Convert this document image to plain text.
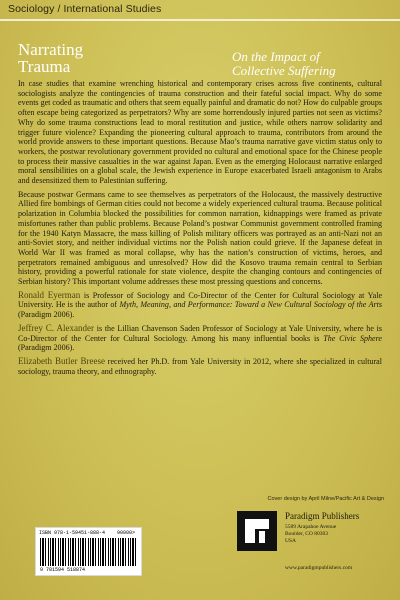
Sociology / International Studies
Narrating
Trauma
On the Impact of
Collective Suffering

In case studies that examine wrenching historical and contemporary crises across five continents, cultural sociologists analyze the contingencies of trauma construction and their fateful social impact. Why do some events get coded as traumatic and others that seem equally painful and dramatic do not? How do culpable groups often escape being categorized as perpetrators? Why are some horrendously injured parties not seen as victims? Why do some trauma constructions lead to moral restitution and justice, while others narrow solidarity and trigger future violence? Expanding the pioneering cultural approach to trauma, contributors from around the world provide answers to these important questions. Because Mao’s trauma narrative gave victim status only to workers, the postwar revolutionary government provided no cultural and emotional space for the Chinese people to process their massive casualties in the war against Japan. Even as the emerging Holocaust narrative enlarged moral sensibilities on a global scale, the Jewish experience in Europe exacerbated Israeli antagonism to Arabs and desensitized them to Palestinian suffering.

Because postwar Germans came to see themselves as perpetrators of the Holocaust, the massively destructive Allied fire bombings of German cities could not become a widely experienced cultural trauma. Because political polarization in Columbia blocked the possibilities for common narration, kidnappings were framed as private misfortunes rather than public problems. Because Poland’s postwar Communist government controlled framing for the 1940 Katyn Massacre, the mass killing of Polish military officers was portrayed as an anti-Nazi not an anti-Soviet story, and neither individual victims nor the Polish nation could grieve. If the Japanese defeat in World War II was framed as moral collapse, why has the nation’s construction of victims, heroes, and perpetrators remained ambiguous and unresolved? How did the Kosovo trauma remain central to Serbian history, providing a powerful rationale for state violence, despite the changing contours and contingencies of Serbian history? This important volume addresses these most pressing questions and concerns.

Ronald Eyerman is Professor of Sociology and Co-Director of the Center for Cultural Sociology at Yale University. He is the author of Myth, Meaning, and Performance: Toward a New Cultural Sociology of the Arts (Paradigm 2006).

Jeffrey C. Alexander is the Lillian Chavenson Saden Professor of Sociology at Yale University, where he is Co-Director of the Center for Cultural Sociology. Among his many influential books is The Civic Sphere (Paradigm 2006).

Elizabeth Butler Breese received her Ph.D. from Yale University in 2012, where she specialized in cultural sociology, trauma theory, and ethnography.

Cover design by April Milne/Pacific Art & Design
ISBN 978-1-59451-888-4 90000>
9 781594 518874
Paradigm Publishers
5589 Arapahoe Avenue
Boulder, CO 80303
USA
www.paradigmpublishers.com
